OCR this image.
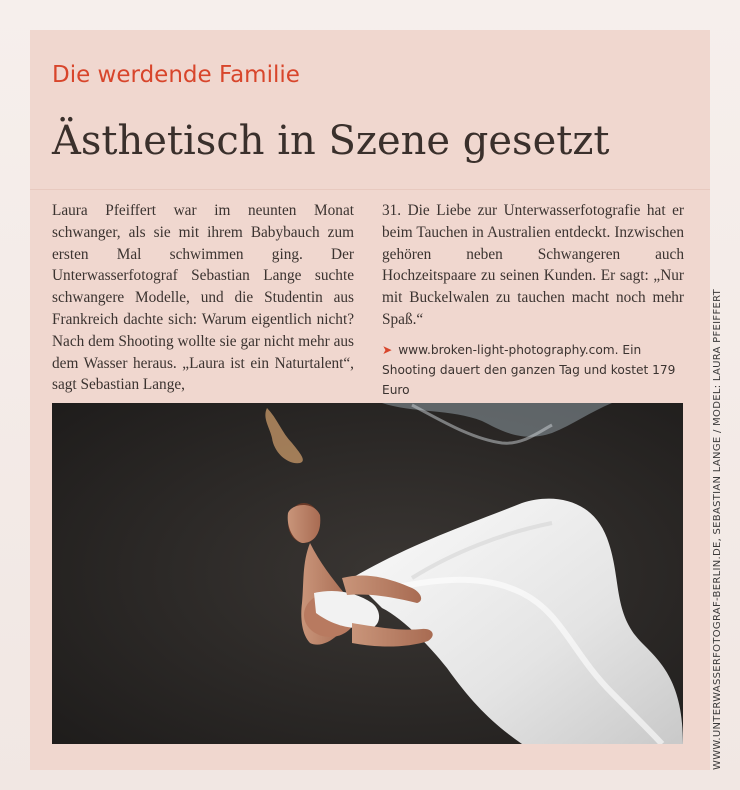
Die werdende Familie
Ästhetisch in Szene gesetzt

Laura Pfeiffert war im neunten Monat schwanger, als sie mit ihrem Babybauch zum ersten Mal schwimmen ging. Der Unterwasserfotograf Sebastian Lange suchte schwangere Modelle, und die Studentin aus Frankreich dachte sich: Warum eigentlich nicht? Nach dem Shooting wollte sie gar nicht mehr aus dem Wasser heraus. „Laura ist ein Naturtalent“, sagt Sebastian Lange,

31. Die Liebe zur Unterwasserfotografie hat er beim Tauchen in Australien entdeckt. Inzwischen gehören neben Schwangeren auch Hochzeitspaare zu seinen Kunden. Er sagt: „Nur mit Buckelwalen zu tauchen macht noch mehr Spaß.“

➤ www.broken-light-photography.com. Ein Shooting dauert den ganzen Tag und kostet 179 Euro	WWW.UNTERWASSERFOTOGRAF-BERLIN.DE, SEBASTIAN LANGE / MODEL: LAURA PFEIFFERT
